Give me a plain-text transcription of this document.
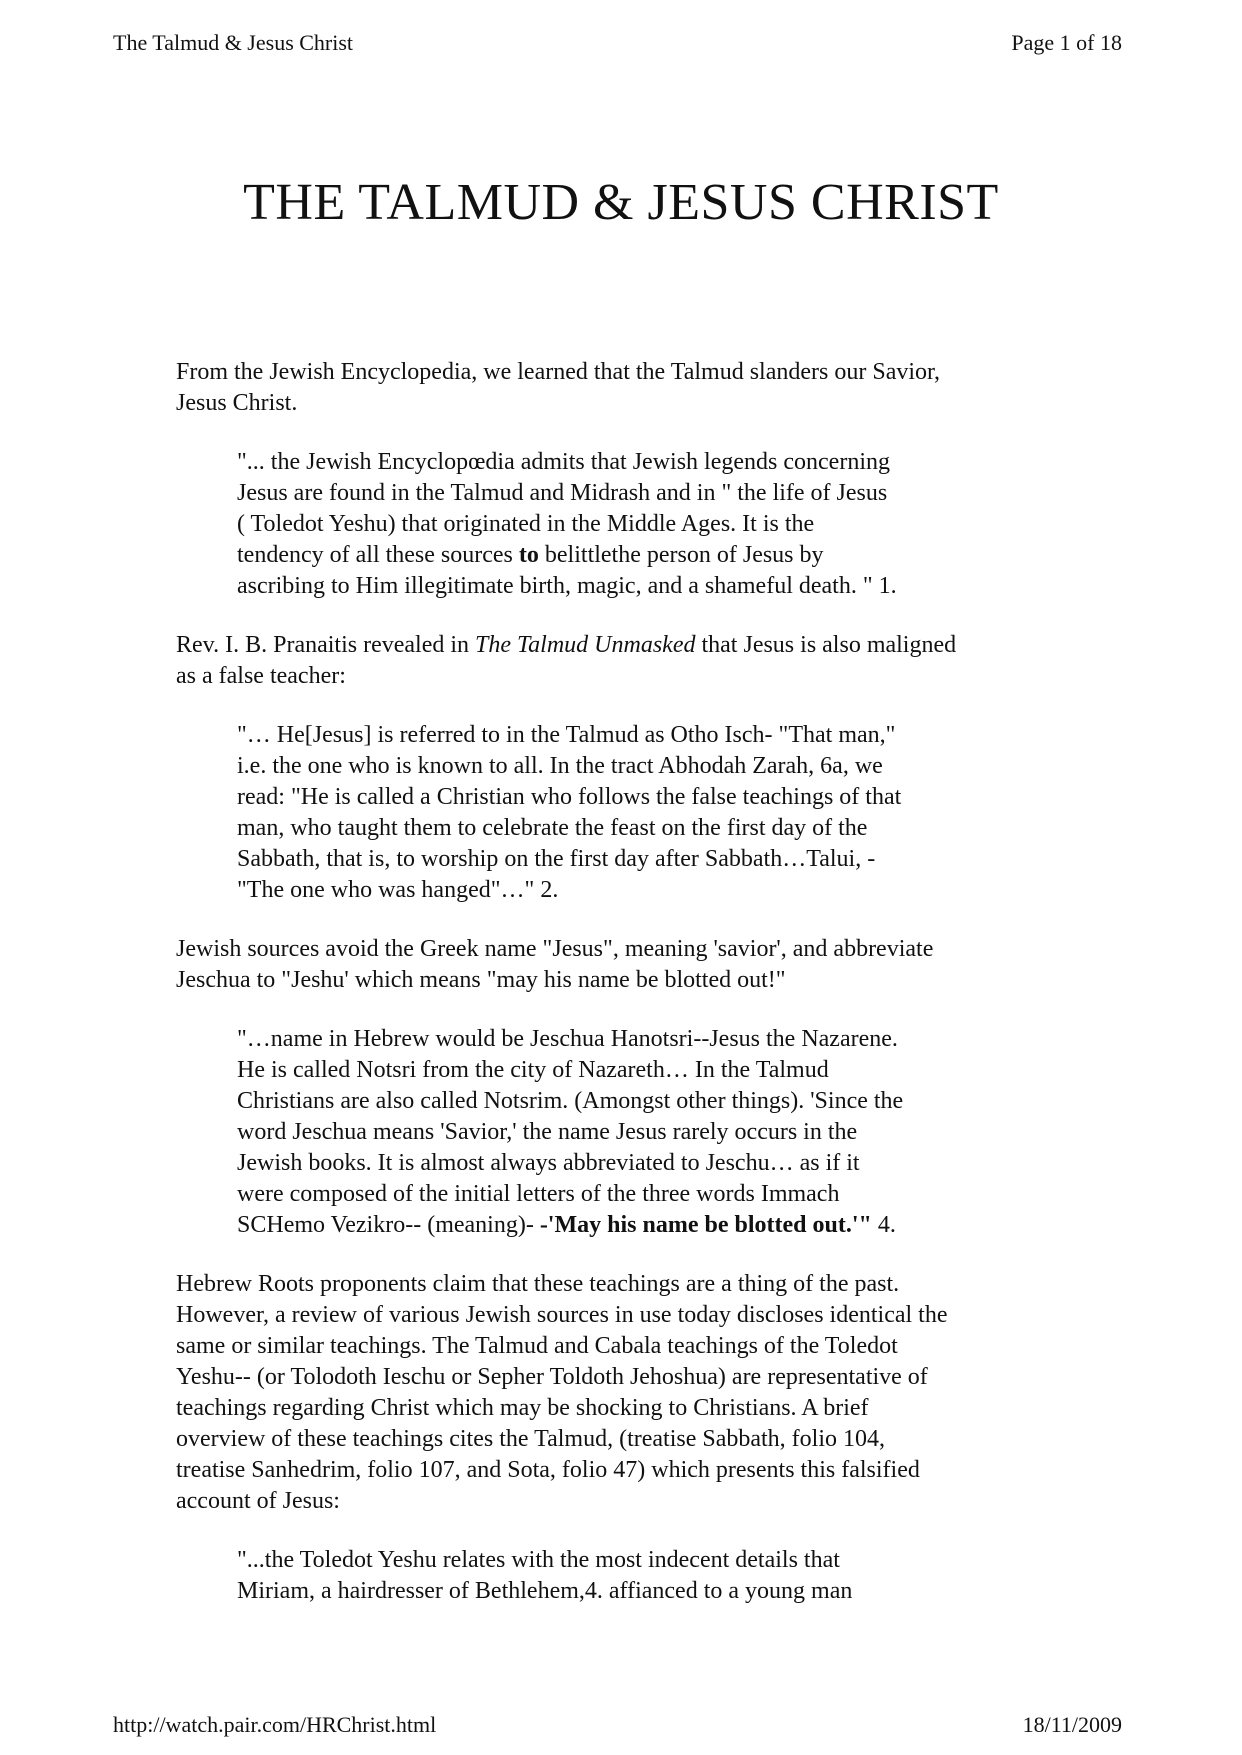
The Talmud & Jesus Christ	Page 1 of 18
THE TALMUD & JESUS CHRIST

From the Jewish Encyclopedia, we learned that the Talmud slanders our Savior,
Jesus Christ.

"... the Jewish Encyclopœdia admits that Jewish legends concerning
Jesus are found in the Talmud and Midrash and in " the life of Jesus
( Toledot Yeshu) that originated in the Middle Ages. It is the
tendency of all these sources to belittlethe person of Jesus by
ascribing to Him illegitimate birth, magic, and a shameful death. " 1.

Rev. I. B. Pranaitis revealed in The Talmud Unmasked that Jesus is also maligned
as a false teacher:

"… He[Jesus] is referred to in the Talmud as Otho Isch- "That man,"
i.e. the one who is known to all. In the tract Abhodah Zarah, 6a, we
read: "He is called a Christian who follows the false teachings of that
man, who taught them to celebrate the feast on the first day of the
Sabbath, that is, to worship on the first day after Sabbath…Talui, -
"The one who was hanged"…" 2.

Jewish sources avoid the Greek name "Jesus", meaning 'savior', and abbreviate
Jeschua to "Jeshu' which means "may his name be blotted out!"

"…name in Hebrew would be Jeschua Hanotsri--Jesus the Nazarene.
He is called Notsri from the city of Nazareth… In the Talmud
Christians are also called Notsrim. (Amongst other things). 'Since the
word Jeschua means 'Savior,' the name Jesus rarely occurs in the
Jewish books. It is almost always abbreviated to Jeschu… as if it
were composed of the initial letters of the three words Immach
SCHemo Vezikro-- (meaning)- -'May his name be blotted out.'" 4.

Hebrew Roots proponents claim that these teachings are a thing of the past.
However, a review of various Jewish sources in use today discloses identical the
same or similar teachings. The Talmud and Cabala teachings of the Toledot
Yeshu-- (or Tolodoth Ieschu or Sepher Toldoth Jehoshua) are representative of
teachings regarding Christ which may be shocking to Christians. A brief
overview of these teachings cites the Talmud, (treatise Sabbath, folio 104,
treatise Sanhedrim, folio 107, and Sota, folio 47) which presents this falsified
account of Jesus:

"...the Toledot Yeshu relates with the most indecent details that
Miriam, a hairdresser of Bethlehem,4. affianced to a young man

http://watch.pair.com/HRChrist.html	18/11/2009
